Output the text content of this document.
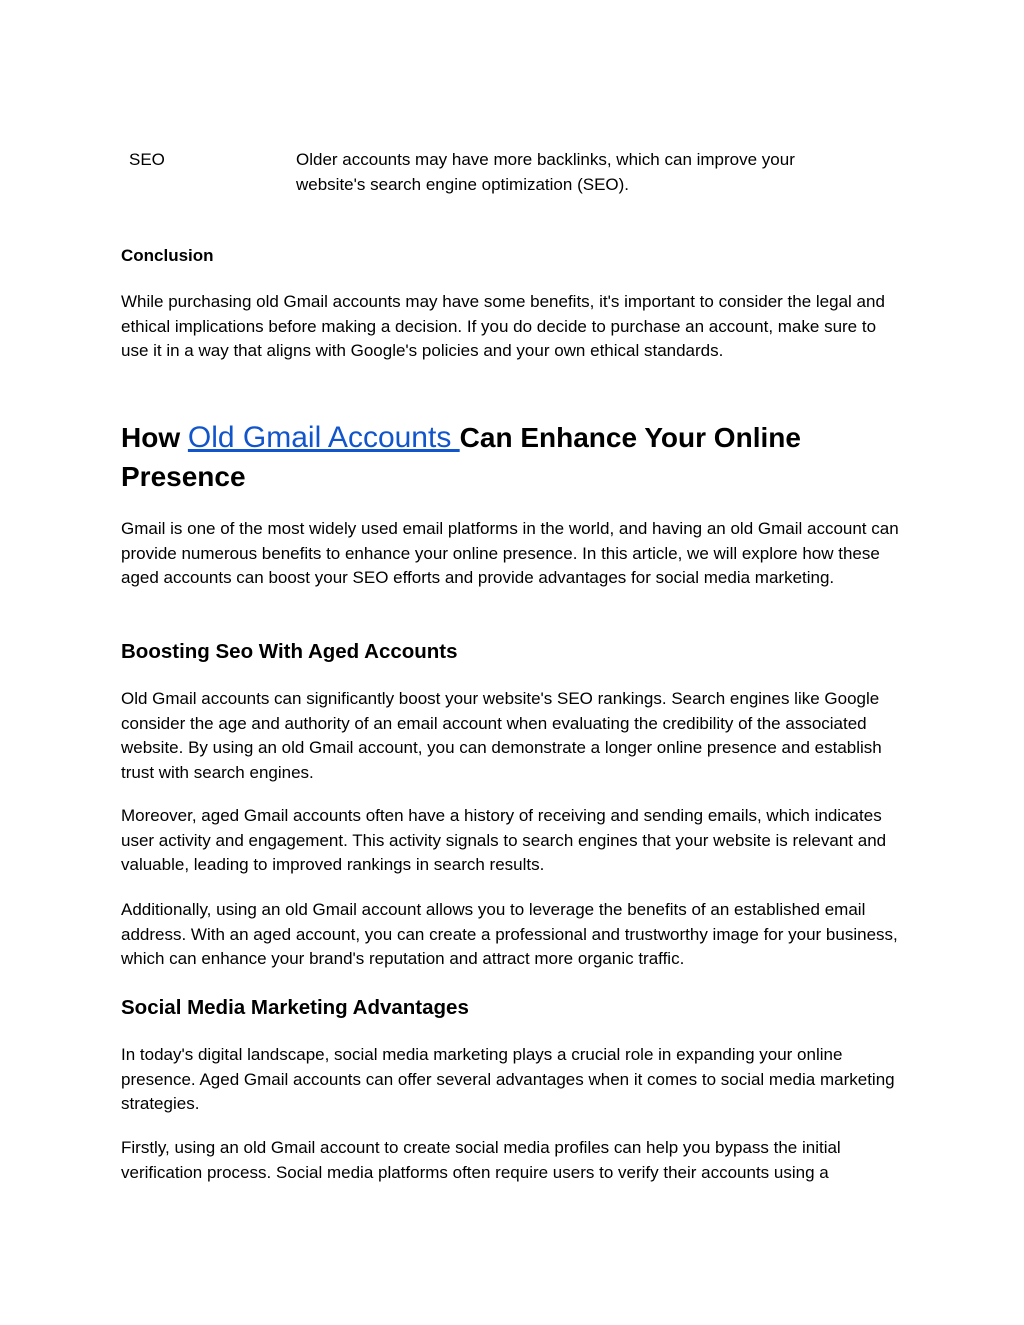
SEO	Older accounts may have more backlinks, which can improve your website's search engine optimization (SEO).
Conclusion

While purchasing old Gmail accounts may have some benefits, it's important to consider the legal and ethical implications before making a decision. If you do decide to purchase an account, make sure to use it in a way that aligns with Google's policies and your own ethical standards.

How Old Gmail Accounts Can Enhance Your Online Presence

Gmail is one of the most widely used email platforms in the world, and having an old Gmail account can provide numerous benefits to enhance your online presence. In this article, we will explore how these aged accounts can boost your SEO efforts and provide advantages for social media marketing.

Boosting Seo With Aged Accounts

Old Gmail accounts can significantly boost your website's SEO rankings. Search engines like Google consider the age and authority of an email account when evaluating the credibility of the associated website. By using an old Gmail account, you can demonstrate a longer online presence and establish trust with search engines.

Moreover, aged Gmail accounts often have a history of receiving and sending emails, which indicates user activity and engagement. This activity signals to search engines that your website is relevant and valuable, leading to improved rankings in search results.

Additionally, using an old Gmail account allows you to leverage the benefits of an established email address. With an aged account, you can create a professional and trustworthy image for your business, which can enhance your brand's reputation and attract more organic traffic.

Social Media Marketing Advantages

In today's digital landscape, social media marketing plays a crucial role in expanding your online presence. Aged Gmail accounts can offer several advantages when it comes to social media marketing strategies.

Firstly, using an old Gmail account to create social media profiles can help you bypass the initial verification process. Social media platforms often require users to verify their accounts using a
